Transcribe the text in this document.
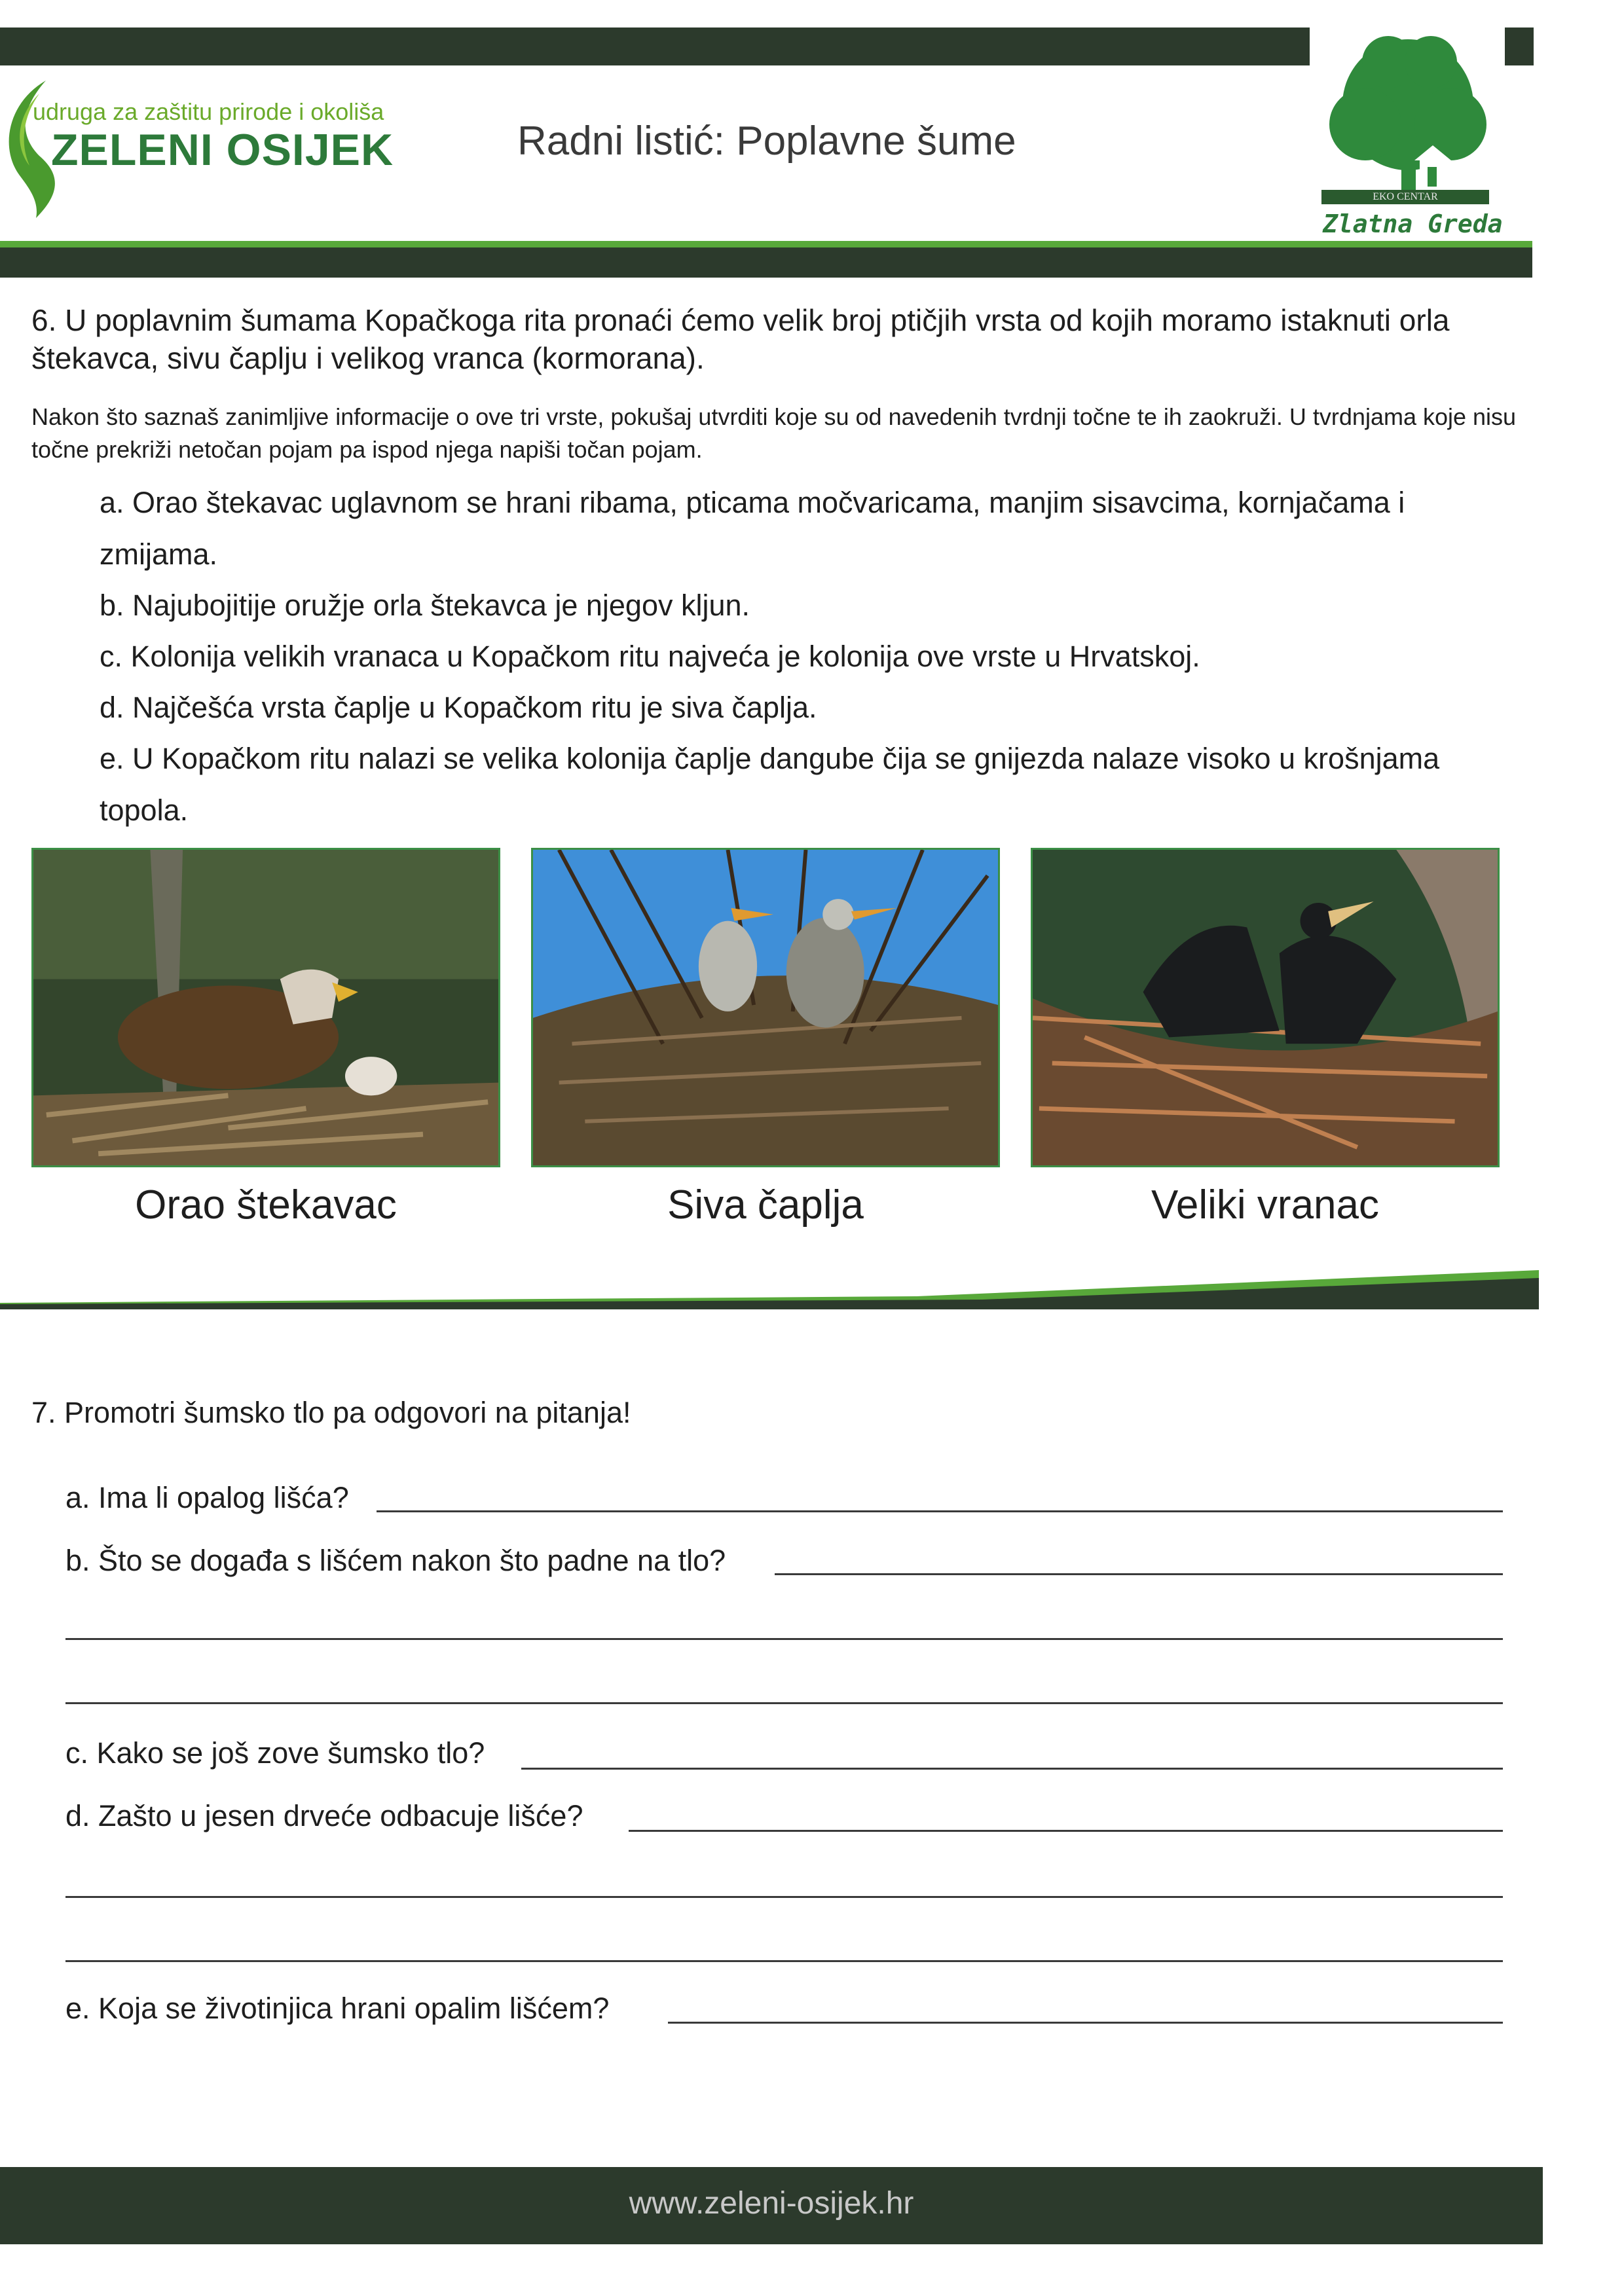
udruga za zaštitu prirode i okoliša
ZELENI OSIJEK	Radni listić: Poplavne šume
EKO CENTAR
Zlatna Greda
6. U poplavnim šumama Kopačkoga rita pronaći ćemo velik broj ptičjih vrsta od kojih moramo istaknuti orla štekavca, sivu čaplju i velikog vranca (kormorana).
Nakon što saznaš zanimljive informacije o ove tri vrste, pokušaj utvrditi koje su od navedenih tvrdnji točne te ih zaokruži. U tvrdnjama koje nisu točne prekriži netočan pojam pa ispod njega napiši točan pojam.
a. Orao štekavac uglavnom se hrani ribama, pticama močvaricama, manjim sisavcima, kornjačama i zmijama.
b. Najubojitije oružje orla štekavca je njegov kljun.
c. Kolonija velikih vranaca u Kopačkom ritu najveća je kolonija ove vrste u Hrvatskoj.
d. Najčešća vrsta čaplje u Kopačkom ritu je siva čaplja.
e. U Kopačkom ritu nalazi se velika kolonija čaplje dangube čija se gnijezda nalaze visoko u krošnjama topola.
Orao štekavac	Siva čaplja	Veliki vranac
7. Promotri šumsko tlo pa odgovori na pitanja!
a. Ima li opalog lišća?
b. Što se događa s lišćem nakon što padne na tlo?
c. Kako se još zove šumsko tlo?
d. Zašto u jesen drveće odbacuje lišće?
e. Koja se životinjica hrani opalim lišćem?
www.zeleni-osijek.hr
